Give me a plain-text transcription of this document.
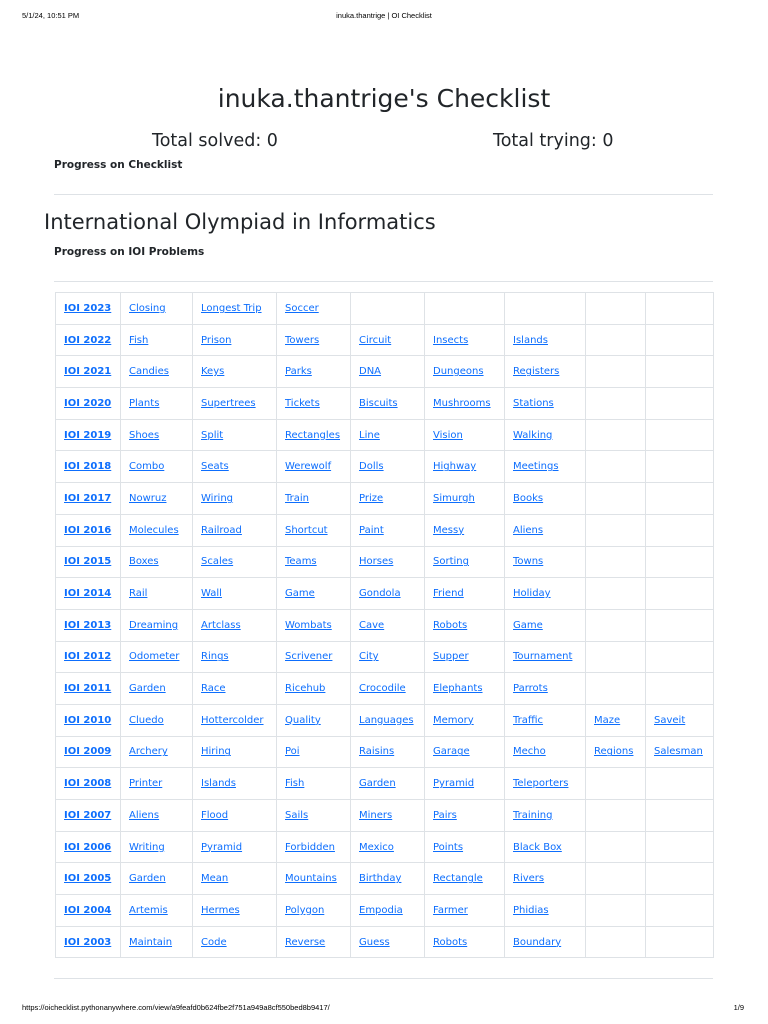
5/1/24, 10:51 PM	inuka.thantrige | OI Checklist
inuka.thantrige's Checklist
Total solved: 0	Total trying: 0

Progress on Checklist

International Olympiad in Informatics

Progress on IOI Problems

IOI 2023	Closing	Longest Trip	Soccer					
IOI 2022	Fish	Prison	Towers	Circuit	Insects	Islands		
IOI 2021	Candies	Keys	Parks	DNA	Dungeons	Registers		
IOI 2020	Plants	Supertrees	Tickets	Biscuits	Mushrooms	Stations		
IOI 2019	Shoes	Split	Rectangles	Line	Vision	Walking		
IOI 2018	Combo	Seats	Werewolf	Dolls	Highway	Meetings		
IOI 2017	Nowruz	Wiring	Train	Prize	Simurgh	Books		
IOI 2016	Molecules	Railroad	Shortcut	Paint	Messy	Aliens		
IOI 2015	Boxes	Scales	Teams	Horses	Sorting	Towns		
IOI 2014	Rail	Wall	Game	Gondola	Friend	Holiday		
IOI 2013	Dreaming	Artclass	Wombats	Cave	Robots	Game		
IOI 2012	Odometer	Rings	Scrivener	City	Supper	Tournament		
IOI 2011	Garden	Race	Ricehub	Crocodile	Elephants	Parrots		
IOI 2010	Cluedo	Hottercolder	Quality	Languages	Memory	Traffic	Maze	Saveit
IOI 2009	Archery	Hiring	Poi	Raisins	Garage	Mecho	Regions	Salesman
IOI 2008	Printer	Islands	Fish	Garden	Pyramid	Teleporters		
IOI 2007	Aliens	Flood	Sails	Miners	Pairs	Training		
IOI 2006	Writing	Pyramid	Forbidden	Mexico	Points	Black Box		
IOI 2005	Garden	Mean	Mountains	Birthday	Rectangle	Rivers		
IOI 2004	Artemis	Hermes	Polygon	Empodia	Farmer	Phidias		
IOI 2003	Maintain	Code	Reverse	Guess	Robots	Boundary		
https://oichecklist.pythonanywhere.com/view/a9feafd0b624fbe2f751a949a8cf550bed8b9417/	1/9
